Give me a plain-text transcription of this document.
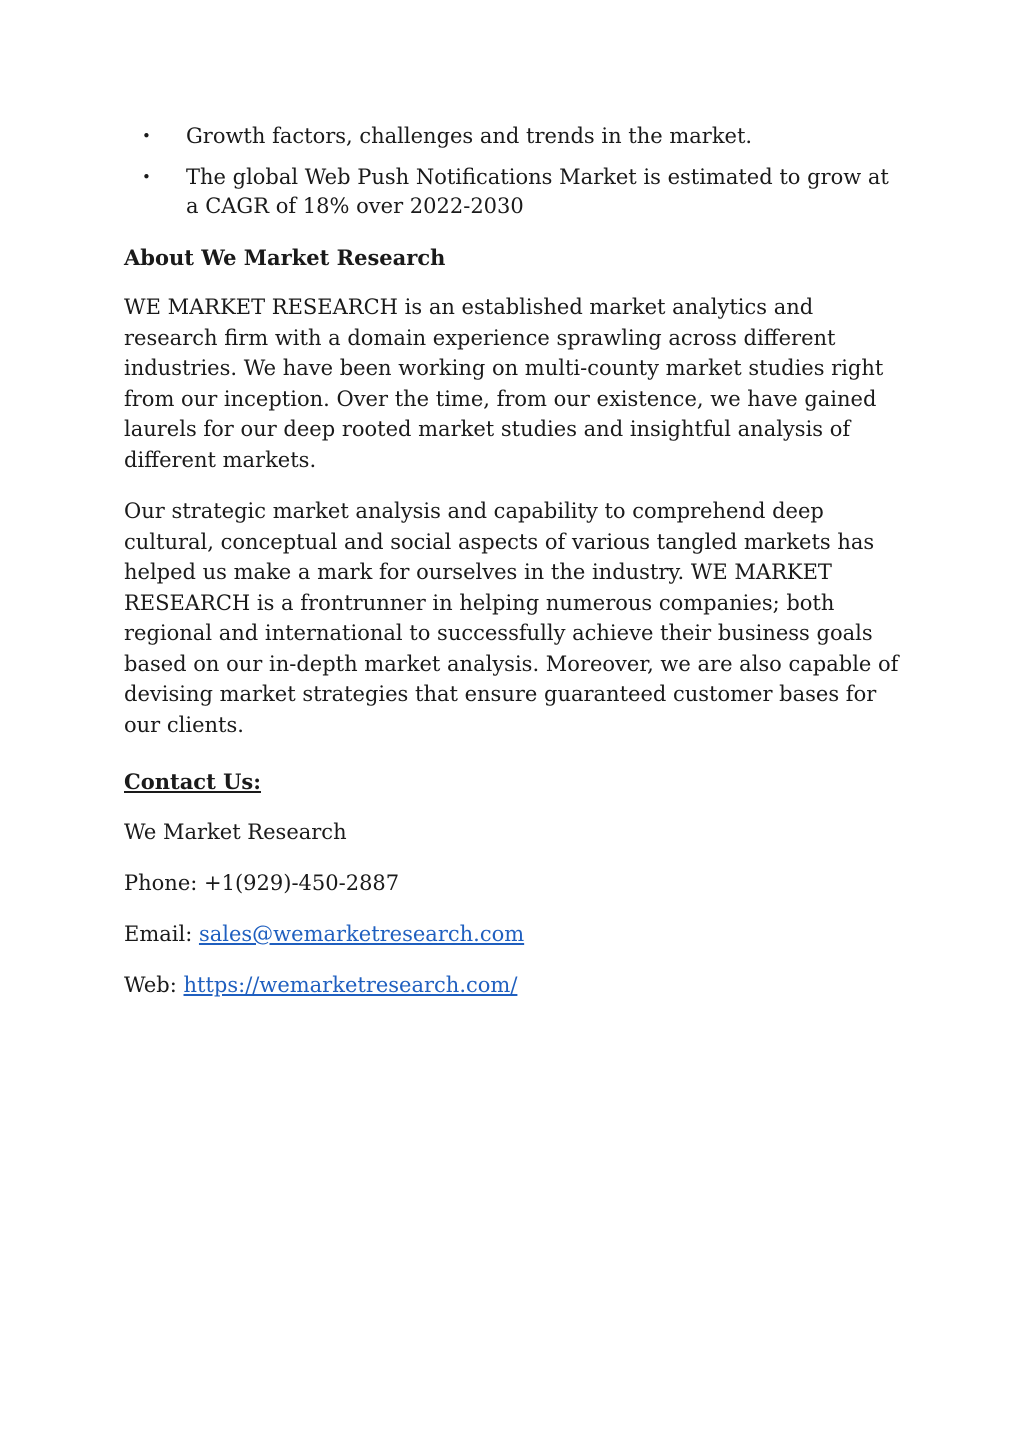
• Growth factors, challenges and trends in the market.
• The global Web Push Notifications Market is estimated to grow at a CAGR of 18% over 2022-2030
About We Market Research

WE MARKET RESEARCH is an established market analytics and research firm with a domain experience sprawling across different industries. We have been working on multi-county market studies right from our inception. Over the time, from our existence, we have gained laurels for our deep rooted market studies and insightful analysis of different markets.

Our strategic market analysis and capability to comprehend deep cultural, conceptual and social aspects of various tangled markets has helped us make a mark for ourselves in the industry. WE MARKET RESEARCH is a frontrunner in helping numerous companies; both regional and international to successfully achieve their business goals based on our in-depth market analysis. Moreover, we are also capable of devising market strategies that ensure guaranteed customer bases for our clients.

Contact Us:
We Market Research
Phone: +1(929)-450-2887
Email: sales@wemarketresearch.com
Web: https://wemarketresearch.com/
